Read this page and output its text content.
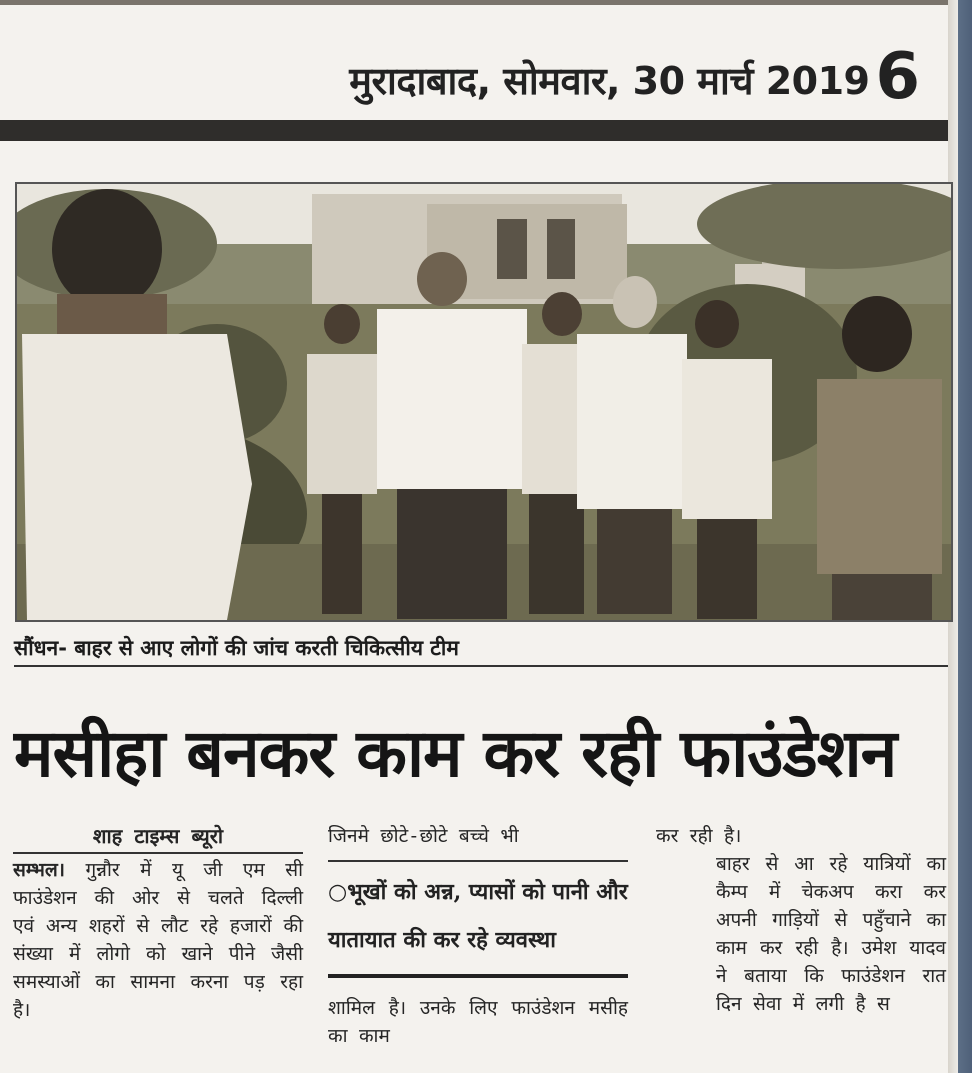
मुरादाबाद, सोमवार, 30 मार्च 20196
सौंधन- बाहर से आए लोगों की जांच करती चिकित्सीय टीम
मसीहा बनकर काम कर रही फाउंडेशन
शाह टाइम्स ब्यूरो
सम्भल। गुन्नौर में यू जी एम सी फाउंडेशन की ओर से चलते दिल्ली एवं अन्य शहरों से लौट रहे हजारों की संख्या में लोगो को खाने पीने जैसी समस्याओं का सामना करना पड़ रहा है।
जिनमे छोटे-छोटे बच्चे भी
○भूखों को अन्न, प्यासों को पानी और यातायात की कर रहे व्यवस्था
शामिल है। उनके लिए फाउंडेशन मसीह का काम
कर रही है।
बाहर से आ रहे यात्रियों का कैम्प में चेकअप करा कर अपनी गाड़ियों से पहुँचाने का काम कर रही है। उमेश यादव ने बताया कि फाउंडेशन रात दिन सेवा में लगी है स
